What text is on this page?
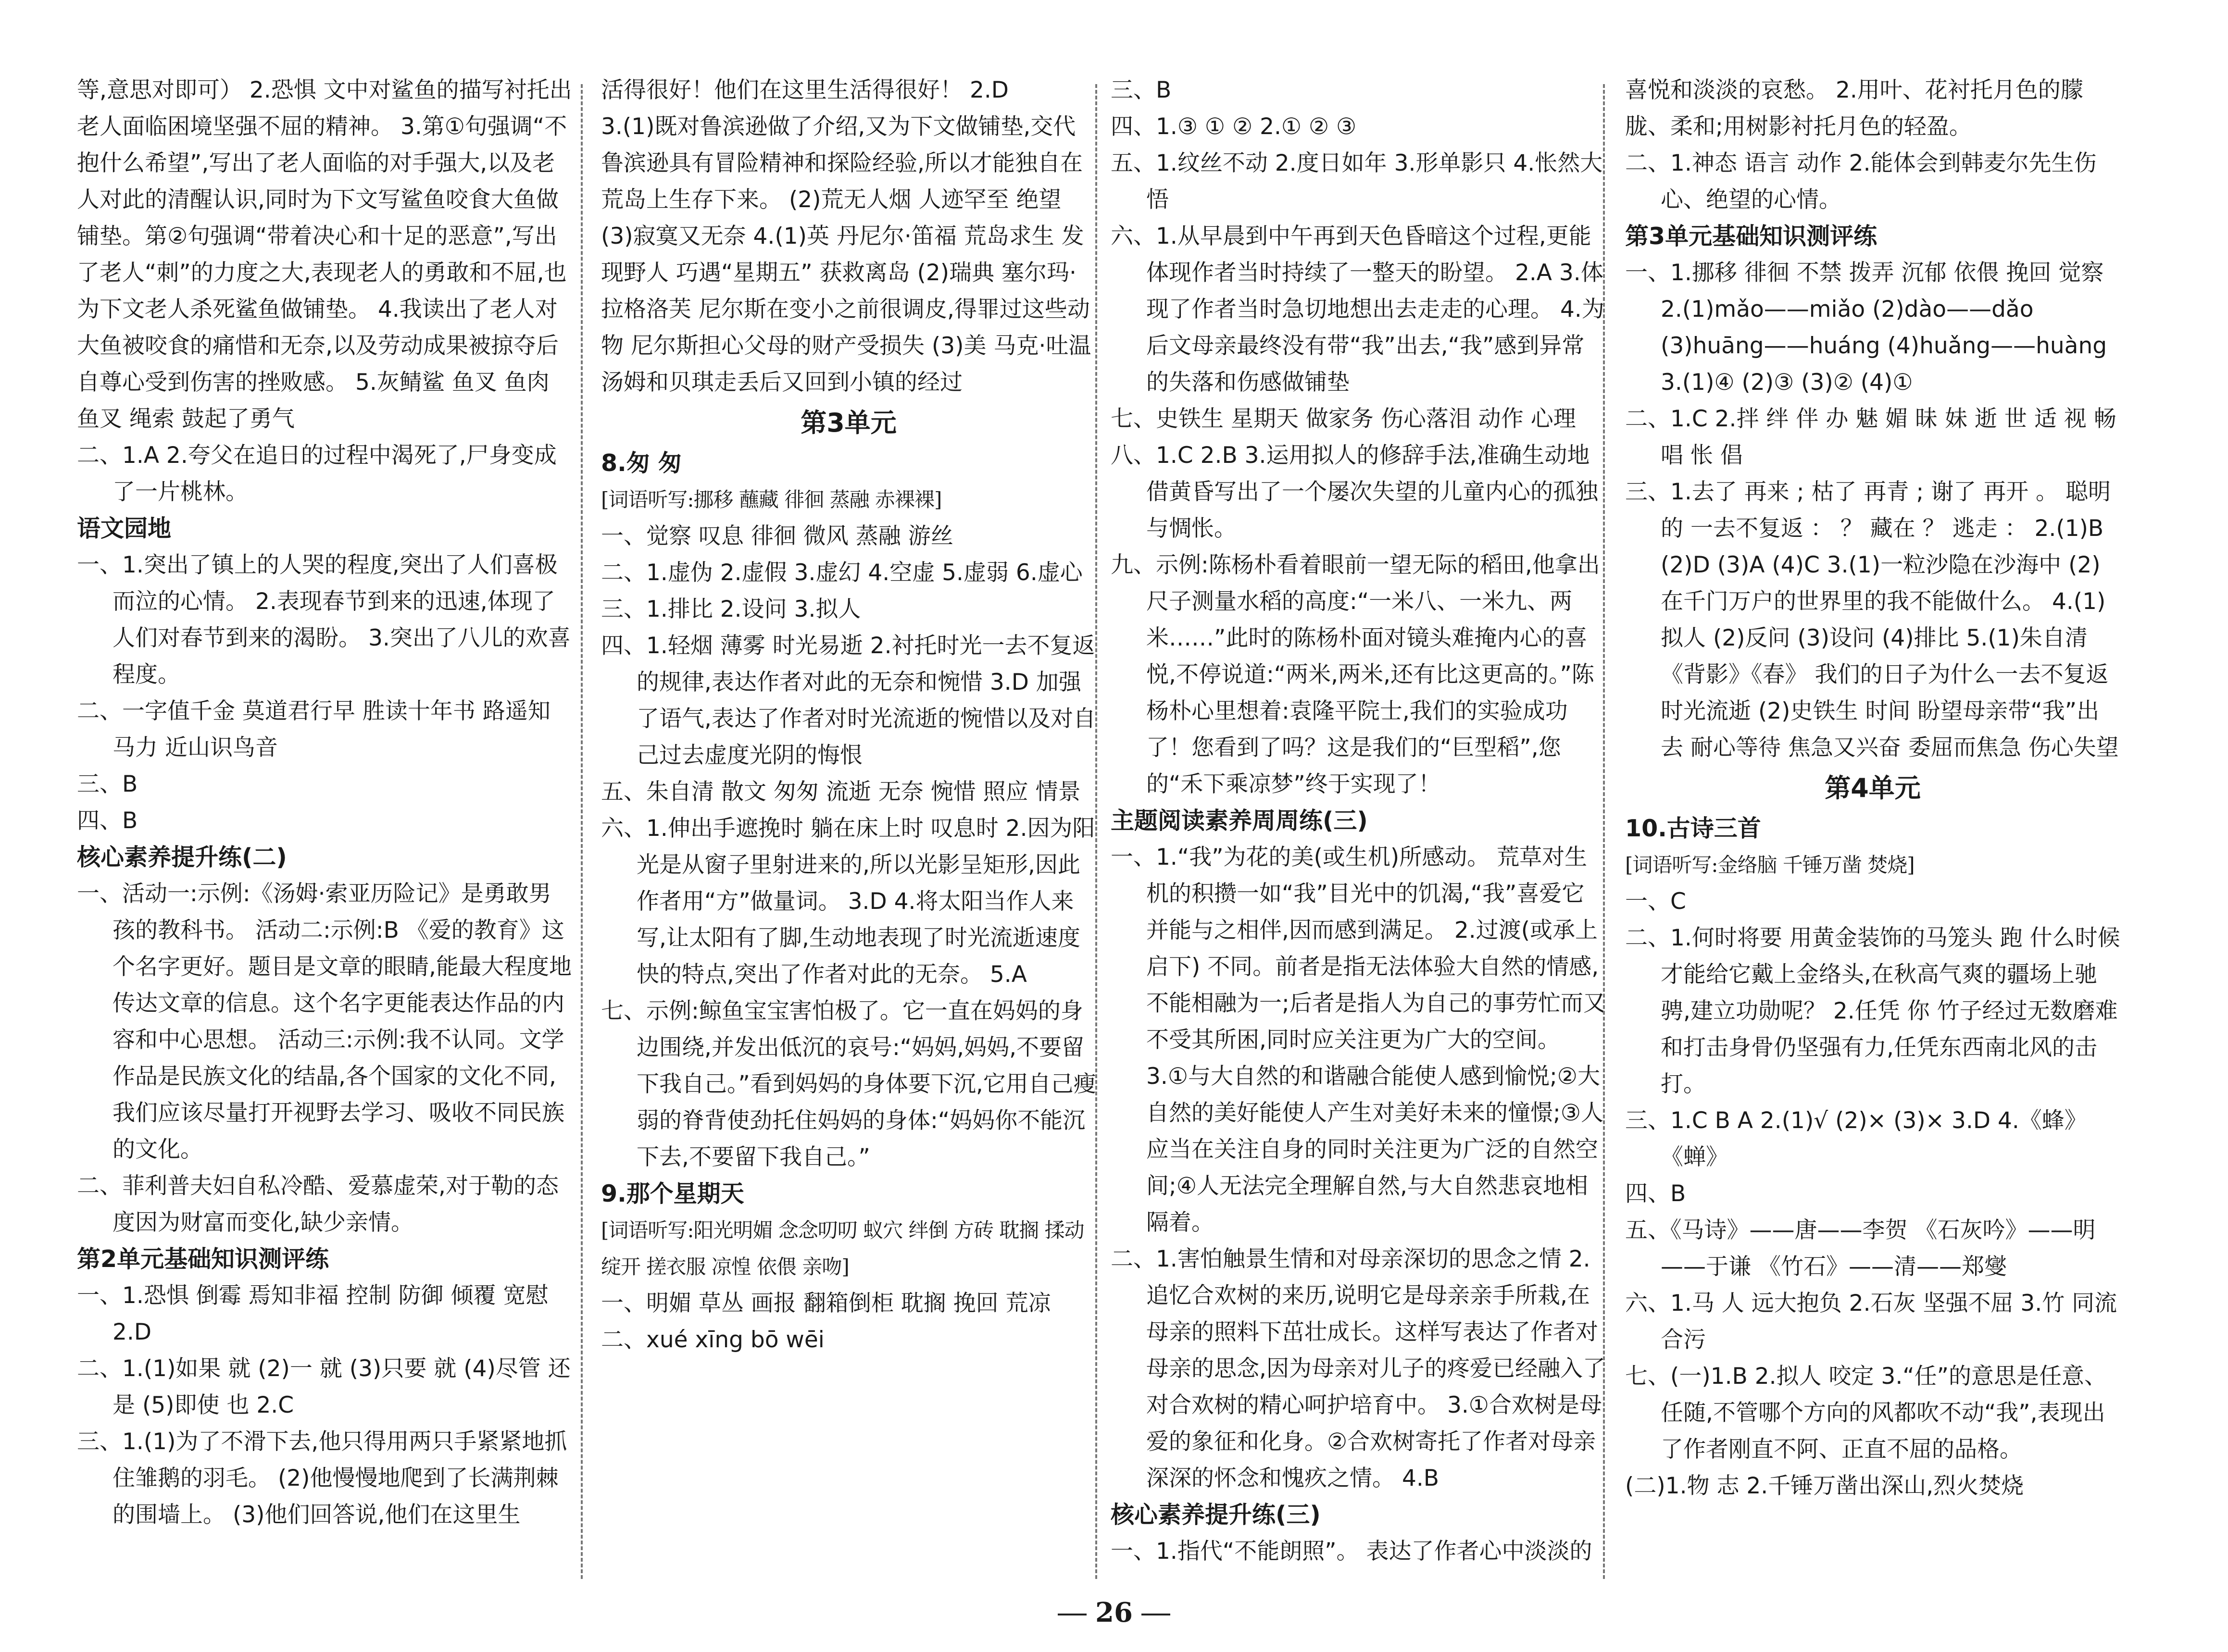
等,意思对即可） 2.恐惧 文中对鲨鱼的描写衬托出老人面临困境坚强不屈的精神。 3.第①句强调“不抱什么希望”,写出了老人面临的对手强大,以及老人对此的清醒认识,同时为下文写鲨鱼咬食大鱼做铺垫。第②句强调“带着决心和十足的恶意”,写出了老人“刺”的力度之大,表现老人的勇敢和不屈,也为下文老人杀死鲨鱼做铺垫。 4.我读出了老人对大鱼被咬食的痛惜和无奈,以及劳动成果被掠夺后自尊心受到伤害的挫败感。 5.灰鲭鲨 鱼叉 鱼肉 鱼叉 绳索 鼓起了勇气
二、1.A 2.夸父在追日的过程中渴死了,尸身变成了一片桃林。
语文园地
一、1.突出了镇上的人哭的程度,突出了人们喜极而泣的心情。 2.表现春节到来的迅速,体现了人们对春节到来的渴盼。 3.突出了八儿的欢喜程度。
二、一字值千金 莫道君行早 胜读十年书 路遥知马力 近山识鸟音
三、B
四、B
核心素养提升练(二)
一、活动一:示例:《汤姆·索亚历险记》是勇敢男孩的教科书。 活动二:示例:B 《爱的教育》这个名字更好。题目是文章的眼睛,能最大程度地传达文章的信息。这个名字更能表达作品的内容和中心思想。 活动三:示例:我不认同。文学作品是民族文化的结晶,各个国家的文化不同,我们应该尽量打开视野去学习、吸收不同民族的文化。
二、菲利普夫妇自私冷酷、爱慕虚荣,对于勒的态度因为财富而变化,缺少亲情。
第2单元基础知识测评练
一、1.恐惧 倒霉 焉知非福 控制 防御 倾覆 宽慰 2.D
二、1.(1)如果 就 (2)一 就 (3)只要 就 (4)尽管 还是 (5)即使 也 2.C
三、1.(1)为了不滑下去,他只得用两只手紧紧地抓住雏鹅的羽毛。 (2)他慢慢地爬到了长满荆棘的围墙上。 (3)他们回答说,他们在这里生
活得很好！他们在这里生活得很好！ 2.D
3.(1)既对鲁滨逊做了介绍,又为下文做铺垫,交代鲁滨逊具有冒险精神和探险经验,所以才能独自在荒岛上生存下来。 (2)荒无人烟 人迹罕至 绝望 (3)寂寞又无奈 4.(1)英 丹尼尔·笛福 荒岛求生 发现野人 巧遇“星期五” 获救离岛 (2)瑞典 塞尔玛·拉格洛芙 尼尔斯在变小之前很调皮,得罪过这些动物 尼尔斯担心父母的财产受损失 (3)美 马克·吐温 汤姆和贝琪走丢后又回到小镇的经过
第3单元
8.匆 匆
[词语听写:挪移 蘸藏 徘徊 蒸融 赤裸裸]
一、觉察 叹息 徘徊 微风 蒸融 游丝
二、1.虚伪 2.虚假 3.虚幻 4.空虚 5.虚弱 6.虚心
三、1.排比 2.设问 3.拟人
四、1.轻烟 薄雾 时光易逝 2.衬托时光一去不复返的规律,表达作者对此的无奈和惋惜 3.D 加强了语气,表达了作者对时光流逝的惋惜以及对自己过去虚度光阴的悔恨
五、朱自清 散文 匆匆 流逝 无奈 惋惜 照应 情景
六、1.伸出手遮挽时 躺在床上时 叹息时 2.因为阳光是从窗子里射进来的,所以光影呈矩形,因此作者用“方”做量词。 3.D 4.将太阳当作人来写,让太阳有了脚,生动地表现了时光流逝速度快的特点,突出了作者对此的无奈。 5.A
七、示例:鲸鱼宝宝害怕极了。它一直在妈妈的身边围绕,并发出低沉的哀号:“妈妈,妈妈,不要留下我自己。”看到妈妈的身体要下沉,它用自己瘦弱的脊背使劲托住妈妈的身体:“妈妈你不能沉下去,不要留下我自己。”
9.那个星期天
[词语听写:阳光明媚 念念叨叨 蚁穴 绊倒 方砖 耽搁 揉动 绽开 搓衣服 凉惶 依偎 亲吻]
一、明媚 草丛 画报 翻箱倒柜 耽搁 挽回 荒凉
二、xué xīng bō wēi
三、B
四、1.③ ① ② 2.① ② ③
五、1.纹丝不动 2.度日如年 3.形单影只 4.怅然大悟
六、1.从早晨到中午再到天色昏暗这个过程,更能体现作者当时持续了一整天的盼望。 2.A 3.体现了作者当时急切地想出去走走的心理。 4.为后文母亲最终没有带“我”出去,“我”感到异常的失落和伤感做铺垫
七、史铁生 星期天 做家务 伤心落泪 动作 心理
八、1.C 2.B 3.运用拟人的修辞手法,准确生动地借黄昏写出了一个屡次失望的儿童内心的孤独与惆怅。
九、示例:陈杨朴看着眼前一望无际的稻田,他拿出尺子测量水稻的高度:“一米八、一米九、两米……”此时的陈杨朴面对镜头难掩内心的喜悦,不停说道:“两米,两米,还有比这更高的。”陈杨朴心里想着:袁隆平院士,我们的实验成功了！您看到了吗？这是我们的“巨型稻”,您的“禾下乘凉梦”终于实现了！
主题阅读素养周周练(三)
一、1.“我”为花的美(或生机)所感动。 荒草对生机的积攒一如“我”目光中的饥渴,“我”喜爱它并能与之相伴,因而感到满足。 2.过渡(或承上启下) 不同。前者是指无法体验大自然的情感,不能相融为一;后者是指人为自己的事劳忙而又不受其所困,同时应关注更为广大的空间。 3.①与大自然的和谐融合能使人感到愉悦;②大自然的美好能使人产生对美好未来的憧憬;③人应当在关注自身的同时关注更为广泛的自然空间;④人无法完全理解自然,与大自然悲哀地相隔着。
二、1.害怕触景生情和对母亲深切的思念之情 2.追忆合欢树的来历,说明它是母亲亲手所栽,在母亲的照料下茁壮成长。这样写表达了作者对母亲的思念,因为母亲对儿子的疼爱已经融入了对合欢树的精心呵护培育中。 3.①合欢树是母爱的象征和化身。②合欢树寄托了作者对母亲深深的怀念和愧疚之情。 4.B
核心素养提升练(三)
一、1.指代“不能朗照”。 表达了作者心中淡淡的
喜悦和淡淡的哀愁。 2.用叶、花衬托月色的朦胧、柔和;用树影衬托月色的轻盈。
二、1.神态 语言 动作 2.能体会到韩麦尔先生伤心、绝望的心情。
第3单元基础知识测评练
一、1.挪移 徘徊 不禁 拨弄 沉郁 依偎 挽回 觉察 2.(1)mǎo——miǎo (2)dào——dǎo (3)huāng——huáng (4)huǎng——huàng 3.(1)④ (2)③ (3)② (4)①
二、1.C 2.拌 绊 伴 办 魅 媚 昧 妹 逝 世 适 视 畅 唱 怅 倡
三、1.去了 再来 ; 枯了 再青 ; 谢了 再开 。 聪明的 一去不复返 ： ？ 藏在 ？ 逃走 ： 2.(1)B (2)D (3)A (4)C 3.(1)一粒沙隐在沙海中 (2)在千门万户的世界里的我不能做什么。 4.(1)拟人 (2)反问 (3)设问 (4)排比 5.(1)朱自清 《背影》《春》 我们的日子为什么一去不复返 时光流逝 (2)史铁生 时间 盼望母亲带“我”出去 耐心等待 焦急又兴奋 委屈而焦急 伤心失望
第4单元
10.古诗三首
[词语听写:金络脑 千锤万凿 焚烧]
一、C
二、1.何时将要 用黄金装饰的马笼头 跑 什么时候才能给它戴上金络头,在秋高气爽的疆场上驰骋,建立功勋呢？ 2.任凭 你 竹子经过无数磨难和打击身骨仍坚强有力,任凭东西南北风的击打。
三、1.C B A 2.(1)√ (2)× (3)× 3.D 4.《蜂》《蝉》
四、B
五、《马诗》——唐——李贺 《石灰吟》——明——于谦 《竹石》——清——郑燮
六、1.马 人 远大抱负 2.石灰 坚强不屈 3.竹 同流合污
七、(一)1.B 2.拟人 咬定 3.“任”的意思是任意、任随,不管哪个方向的风都吹不动“我”,表现出了作者刚直不阿、正直不屈的品格。
(二)1.物 志 2.千锤万凿出深山,烈火焚烧
26
